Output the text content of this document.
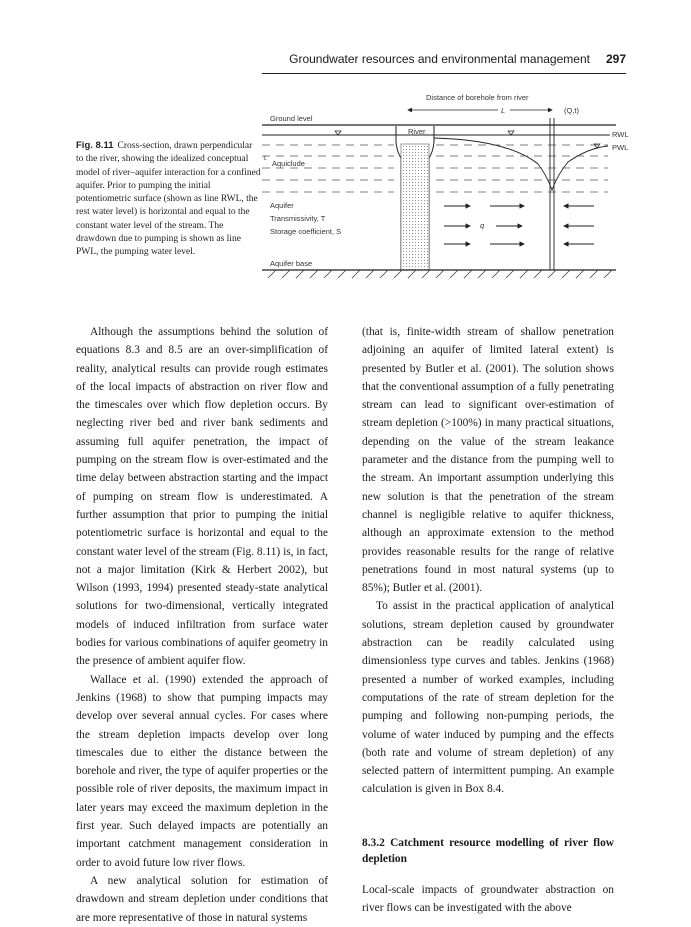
Groundwater resources and environmental management 297
Fig. 8.11 Cross-section, drawn perpendicular to the river, showing the idealized conceptual model of river–aquifer interaction for a confined aquifer. Prior to pumping the initial potentiometric surface (shown as line RWL, the rest water level) is horizontal and equal to the constant water level of the stream. The drawdown due to pumping is shown as line PWL, the pumping water level.
Distance of borehole from river
L	(Q,t)
Ground level
River	RWL
PWL
Aquiclude
Aquifer
Transmissivity, T
Storage coefficient, S
q
Aquifer base

Although the assumptions behind the solution of equations 8.3 and 8.5 are an over-simplification of reality, analytical results can provide rough estimates of the local impacts of abstraction on river flow and the timescales over which flow depletion occurs. By neglecting river bed and river bank sediments and assuming full aquifer penetration, the impact of pumping on the stream flow is over-estimated and the time delay between abstraction starting and the impact of pumping on stream flow is underestimated. A further assumption that prior to pumping the initial potentiometric surface is horizontal and equal to the constant water level of the stream (Fig. 8.11) is, in fact, not a major limitation (Kirk & Herbert 2002), but Wilson (1993, 1994) presented steady-state analytical solutions for two-dimensional, vertically integrated models of induced infiltration from surface water bodies for various combinations of aquifer geometry in the presence of ambient aquifer flow.

Wallace et al. (1990) extended the approach of Jenkins (1968) to show that pumping impacts may develop over several annual cycles. For cases where the stream depletion impacts develop over long timescales due to either the distance between the borehole and river, the type of aquifer properties or the possible role of river deposits, the maximum impact in later years may exceed the maximum depletion in the first year. Such delayed impacts are potentially an important catchment management consideration in order to avoid future low river flows.

A new analytical solution for estimation of drawdown and stream depletion under conditions that are more representative of those in natural systems

(that is, finite-width stream of shallow penetration adjoining an aquifer of limited lateral extent) is presented by Butler et al. (2001). The solution shows that the conventional assumption of a fully penetrating stream can lead to significant over-estimation of stream depletion (>100%) in many practical situations, depending on the value of the stream leakance parameter and the distance from the pumping well to the stream. An important assumption underlying this new solution is that the penetration of the stream channel is negligible relative to aquifer thickness, although an approximate extension to the method provides reasonable results for the range of relative penetrations found in most natural systems (up to 85%); Butler et al. (2001).

To assist in the practical application of analytical solutions, stream depletion caused by groundwater abstraction can be readily calculated using dimensionless type curves and tables. Jenkins (1968) presented a number of worked examples, including computations of the rate of stream depletion for the pumping and following non-pumping periods, the volume of water induced by pumping and the effects (both rate and volume of stream depletion) of any selected pattern of intermittent pumping. An example calculation is given in Box 8.4.

8.3.2 Catchment resource modelling of river flow depletion

Local-scale impacts of groundwater abstraction on river flows can be investigated with the above
